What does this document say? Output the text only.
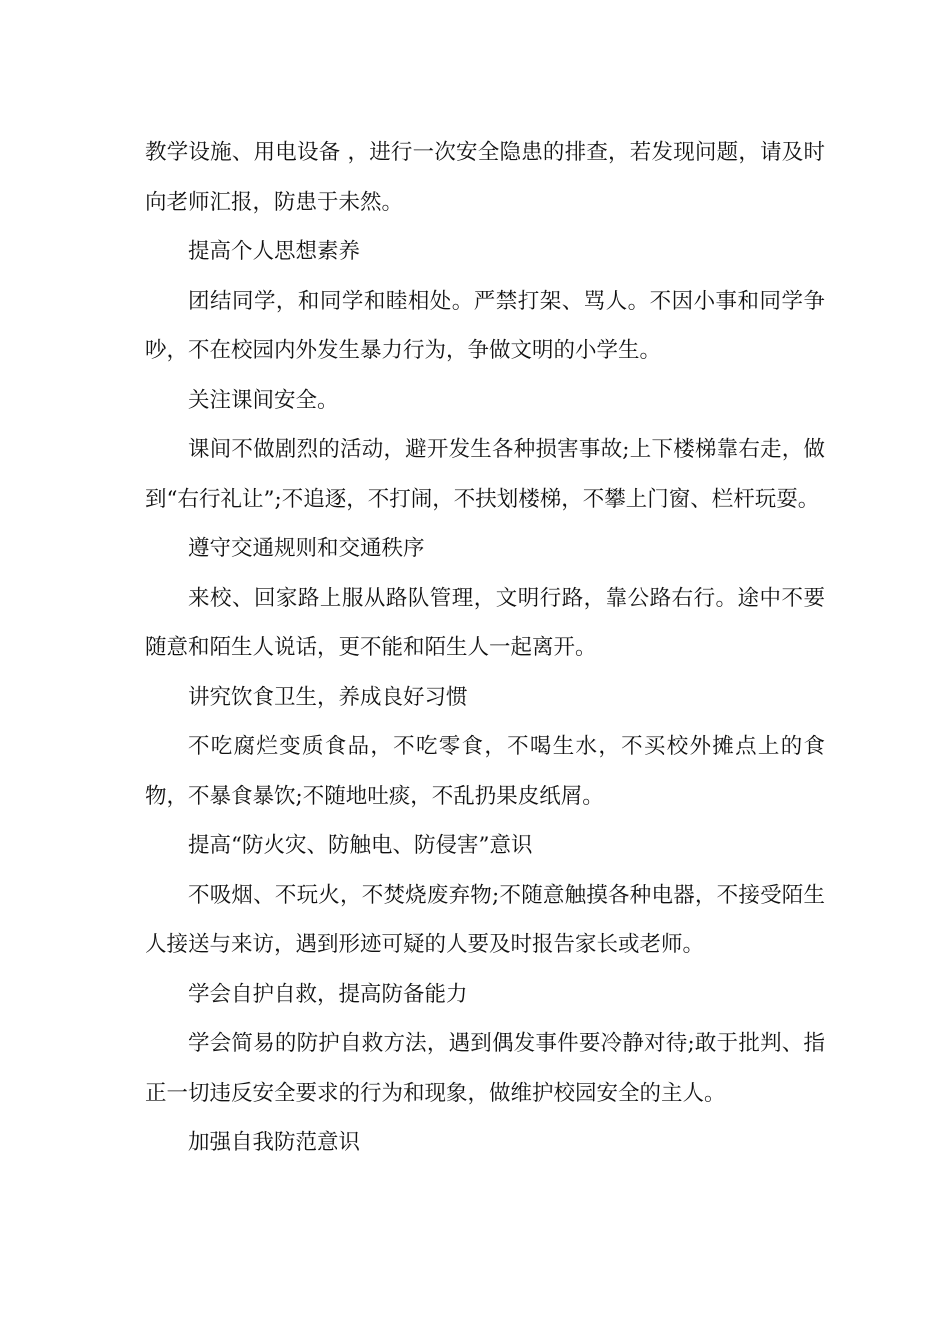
教学设施、用电设备 ，进行一次安全隐患的排查，若发现问题，请及时向老师汇报，防患于未然。

提高个人思想素养

团结同学，和同学和睦相处。严禁打架、骂人。不因小事和同学争吵，不在校园内外发生暴力行为，争做文明的小学生。

关注课间安全。

课间不做剧烈的活动，避开发生各种损害事故;上下楼梯靠右走，做到“右行礼让”;不追逐，不打闹，不扶划楼梯，不攀上门窗、栏杆玩耍。

遵守交通规则和交通秩序

来校、回家路上服从路队管理，文明行路，靠公路右行。途中不要随意和陌生人说话，更不能和陌生人一起离开。

讲究饮食卫生，养成良好习惯

不吃腐烂变质食品，不吃零食，不喝生水，不买校外摊点上的食物，不暴食暴饮;不随地吐痰，不乱扔果皮纸屑。

提高“防火灾、防触电、防侵害”意识

不吸烟、不玩火，不焚烧废弃物;不随意触摸各种电器，不接受陌生人接送与来访，遇到形迹可疑的人要及时报告家长或老师。

学会自护自救，提高防备能力

学会简易的防护自救方法，遇到偶发事件要冷静对待;敢于批判、指正一切违反安全要求的行为和现象，做维护校园安全的主人。

加强自我防范意识
